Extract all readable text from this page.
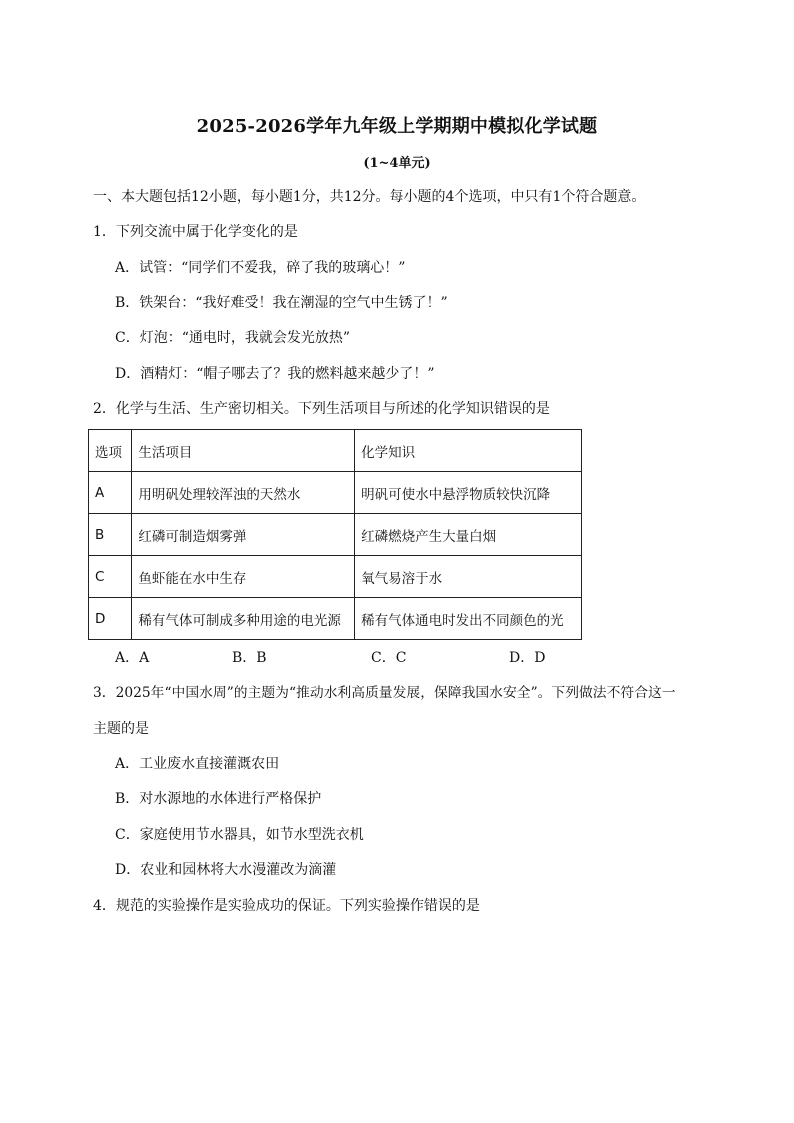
2025-2026学年九年级上学期期中模拟化学试题
(1~4单元)
一、本大题包括12小题，每小题1分，共12分。每小题的4个选项，中只有1个符合题意。
1．下列交流中属于化学变化的是
A．试管：“同学们不爱我，碎了我的玻璃心！”
B．铁架台：“我好难受！我在潮湿的空气中生锈了！”
C．灯泡：“通电时，我就会发光放热”
D．酒精灯：“帽子哪去了？我的燃料越来越少了！”
2．化学与生活、生产密切相关。下列生活项目与所述的化学知识错误的是
选项	生活项目	化学知识
A	用明矾处理较浑浊的天然水	明矾可使水中悬浮物质较快沉降
B	红磷可制造烟雾弹	红磷燃烧产生大量白烟
C	鱼虾能在水中生存	氧气易溶于水
D	稀有气体可制成多种用途的电光源	稀有气体通电时发出不同颜色的光
A．A	B．B	C．C	D．D
3．2025年“中国水周”的主题为“推动水利高质量发展，保障我国水安全”。下列做法不符合这一
主题的是
A．工业废水直接灌溉农田
B．对水源地的水体进行严格保护
C．家庭使用节水器具，如节水型洗衣机
D．农业和园林将大水漫灌改为滴灌
4．规范的实验操作是实验成功的保证。下列实验操作错误的是
